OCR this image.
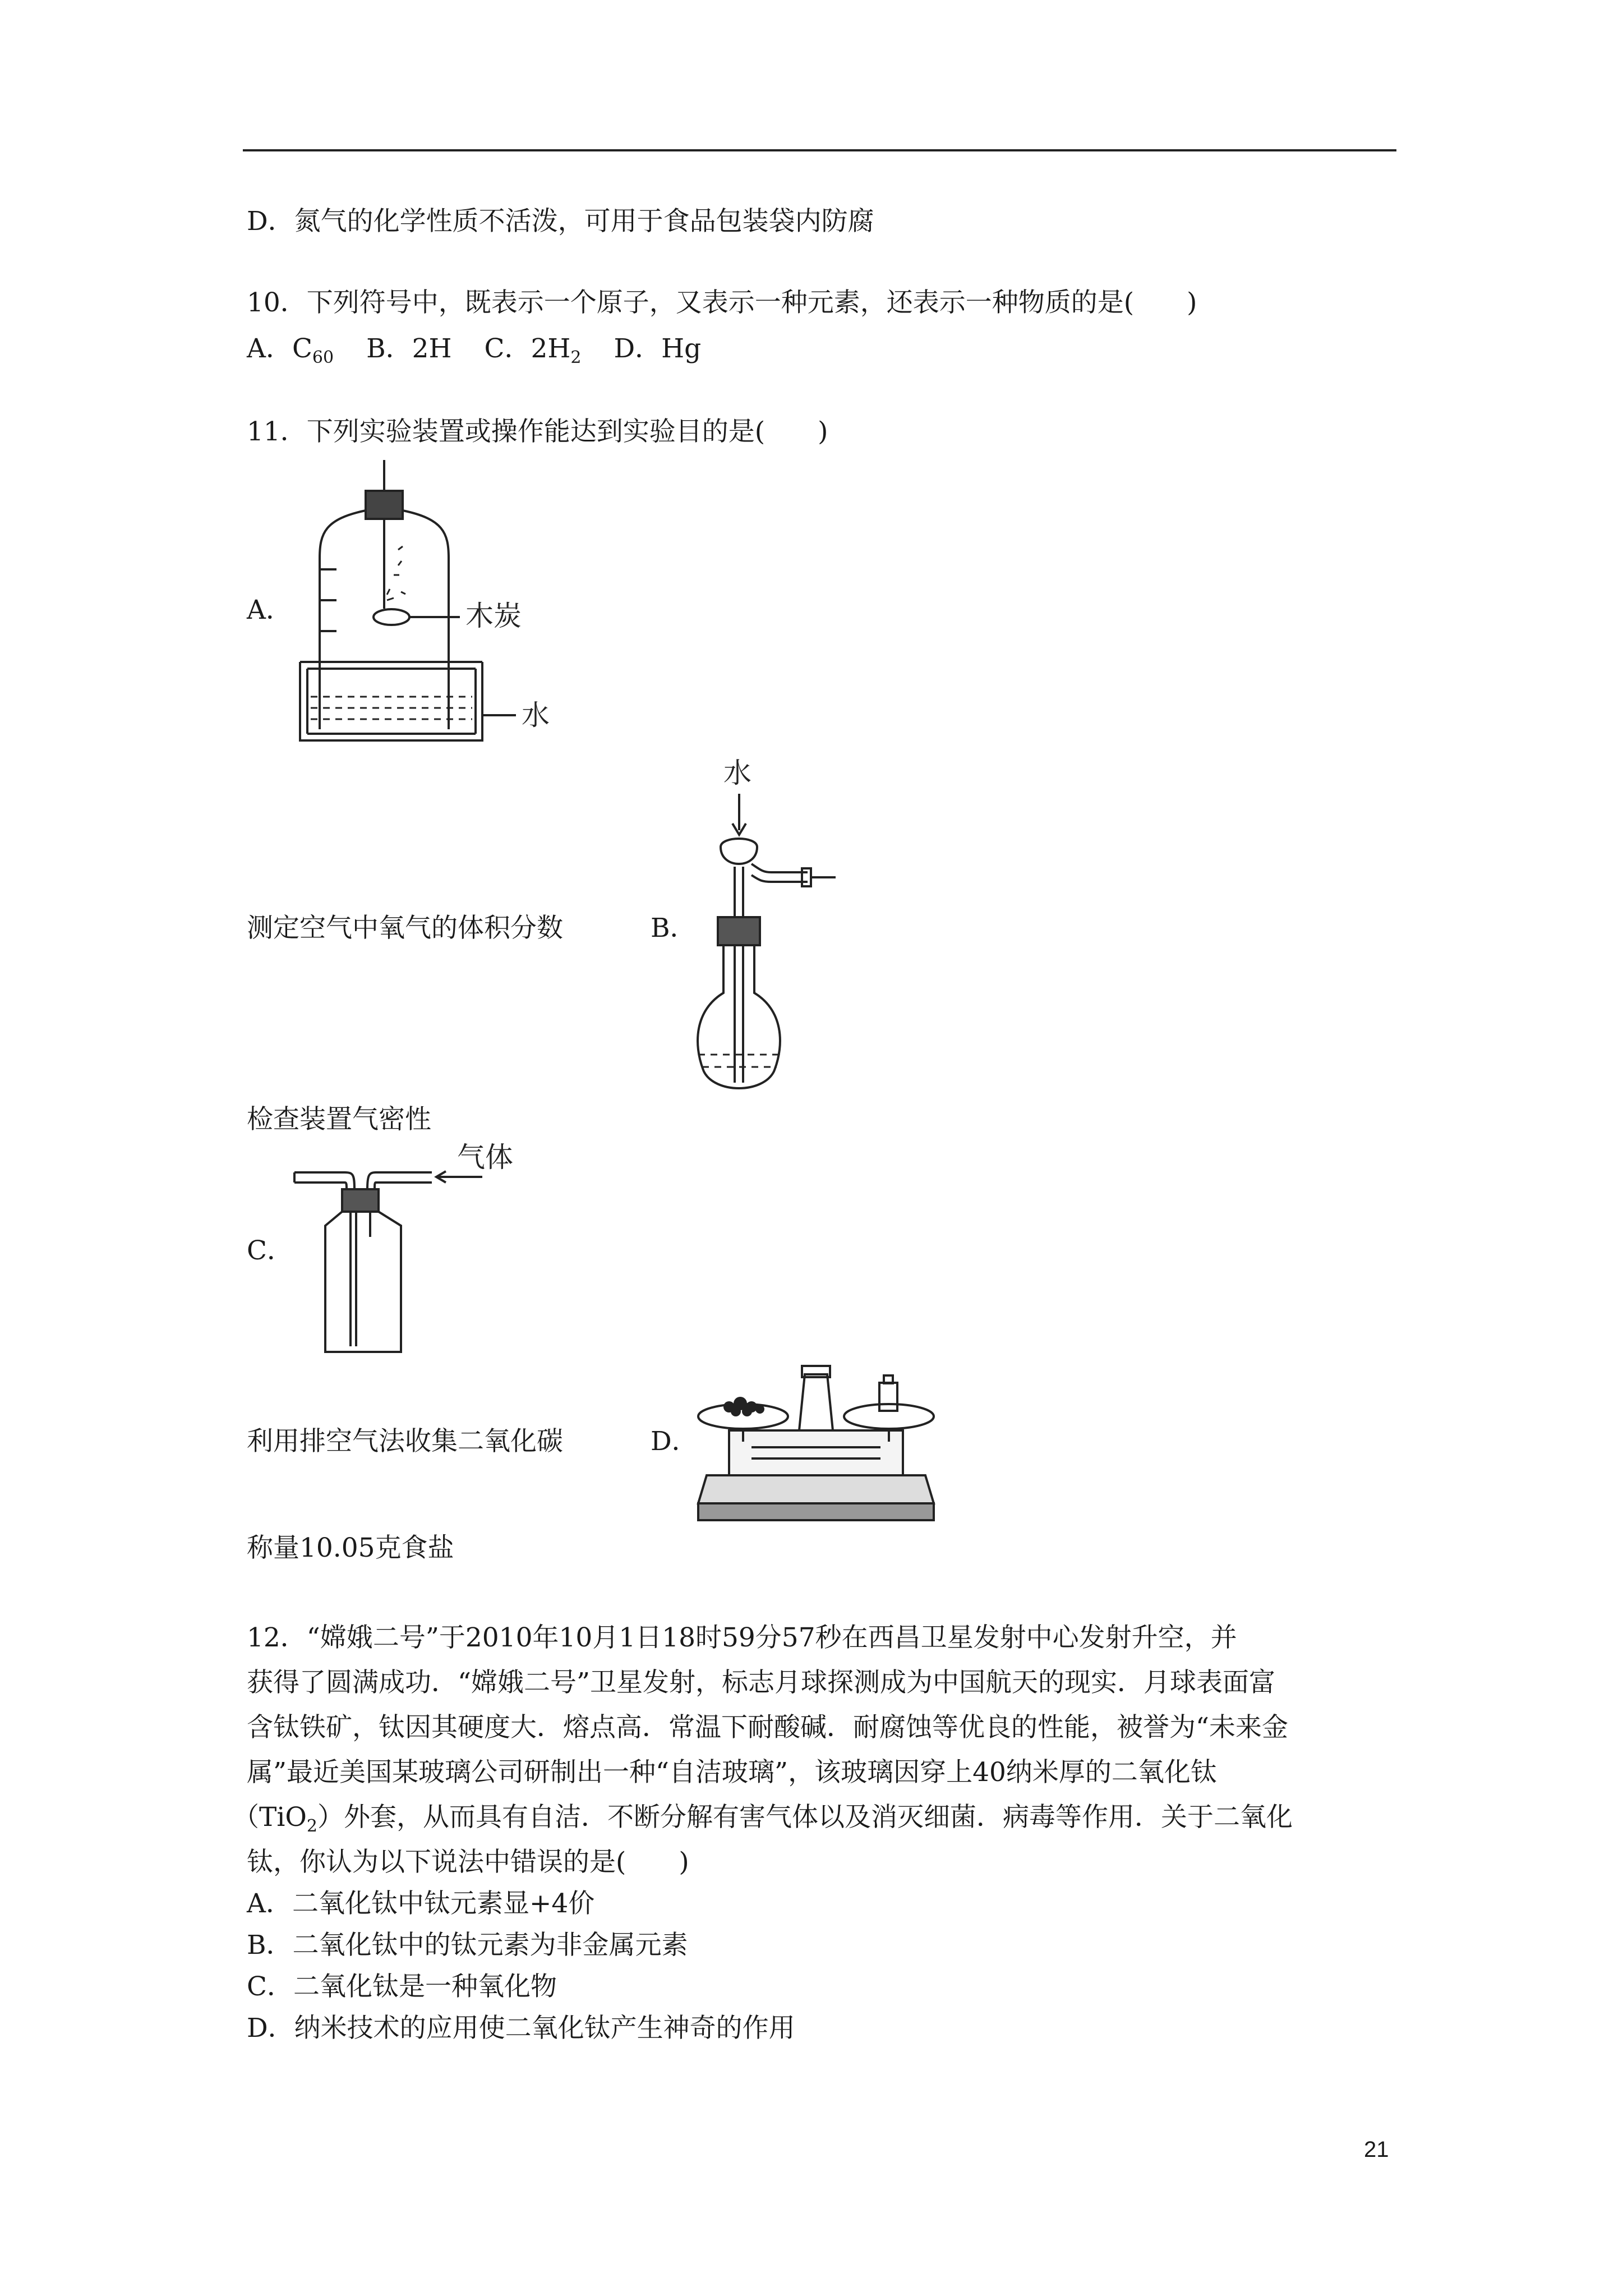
D．氮气的化学性质不活泼，可用于食品包装袋内防腐
10．下列符号中，既表示一个原子，又表示一种元素，还表示一种物质的是(　　)
A．$C_{60}$ B．2H C．$2H_2$ D．Hg
11．下列实验装置或操作能达到实验目的是(　　)
A．	木炭
水
测定空气中氧气的体积分数	B．
水
检查装置气密性
气体
C．
利用排空气法收集二氧化碳	D．
称量10.05克食盐
12．“嫦娥二号”于2010年10月1日18时59分57秒在西昌卫星发射中心发射升空，并
获得了圆满成功．“嫦娥二号”卫星发射，标志月球探测成为中国航天的现实．月球表面富
含钛铁矿，钛因其硬度大．熔点高．常温下耐酸碱．耐腐蚀等优良的性能，被誉为“未来金
属”最近美国某玻璃公司研制出一种“自洁玻璃”，该玻璃因穿上40纳米厚的二氧化钛
（TiO$_2$）外套，从而具有自洁．不断分解有害气体以及消灭细菌．病毒等作用．关于二氧化
钛，你认为以下说法中错误的是(　　)
A．二氧化钛中钛元素显+4价
B．二氧化钛中的钛元素为非金属元素
C．二氧化钛是一种氧化物
D．纳米技术的应用使二氧化钛产生神奇的作用
21
